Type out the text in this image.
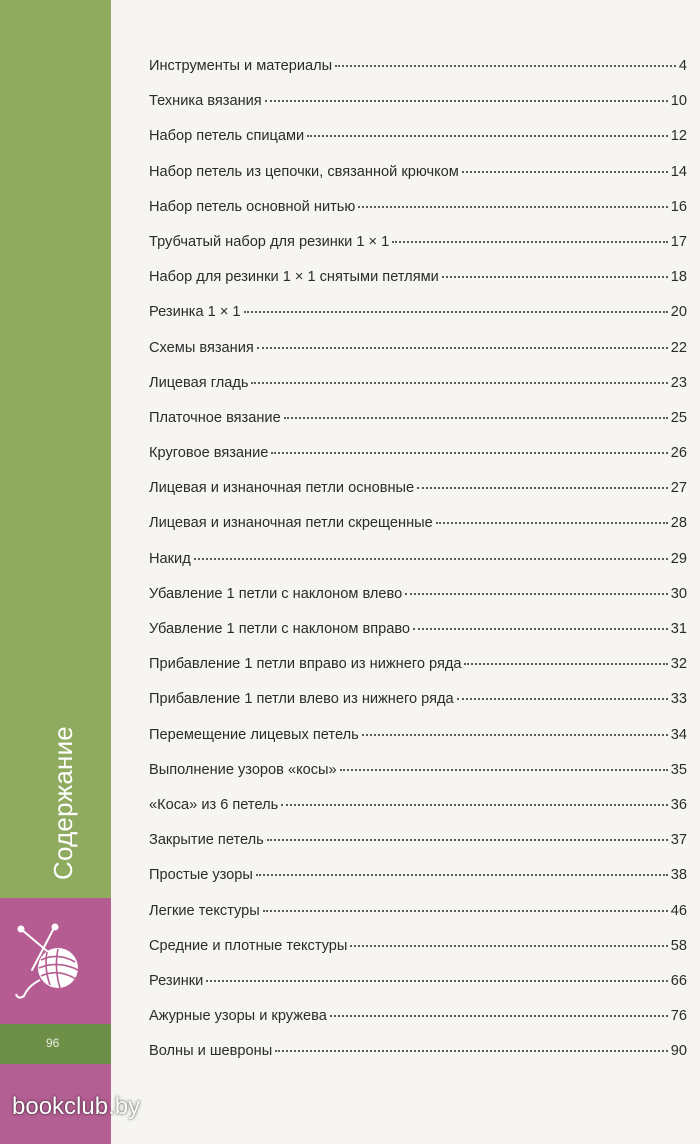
96
Содержание
Инструменты и материалы	4
Техника вязания	10
Набор петель спицами	12
Набор петель из цепочки, связанной крючком	14
Набор петель основной нитью	16
Трубчатый набор для резинки 1 × 1	17
Набор для резинки 1 × 1 снятыми петлями	18
Резинка 1 × 1	20
Схемы вязания	22
Лицевая гладь	23
Платочное вязание	25
Круговое вязание	26
Лицевая и изнаночная петли основные	27
Лицевая и изнаночная петли скрещенные	28
Накид	29
Убавление 1 петли с наклоном влево	30
Убавление 1 петли с наклоном вправо	31
Прибавление 1 петли вправо из нижнего ряда	32
Прибавление 1 петли влево из нижнего ряда	33
Перемещение лицевых петель	34
Выполнение узоров «косы»	35
«Коса» из 6 петель	36
Закрытие петель	37
Простые узоры	38
Легкие текстуры	46
Средние и плотные текстуры	58
Резинки	66
Ажурные узоры и кружева	76
Волны и шевроны	90
bookclub.by
